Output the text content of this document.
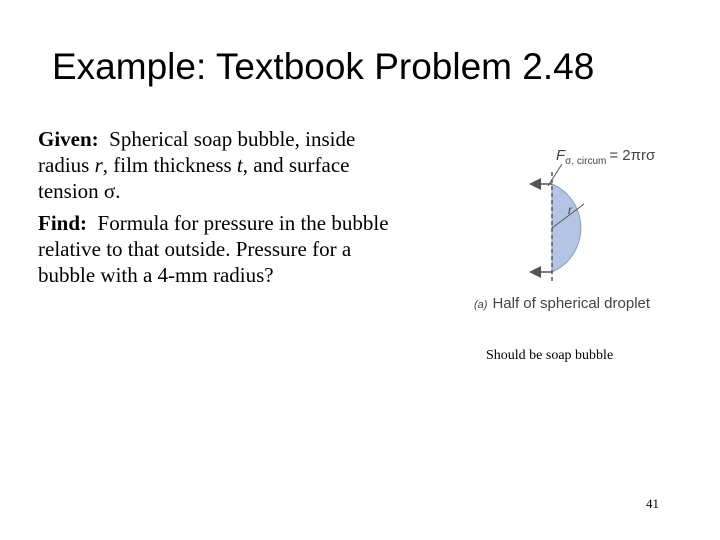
Example: Textbook Problem 2.48

Given: Spherical soap bubble, inside radius r, film thickness t, and surface tension σ.

Find: Formula for pressure in the bubble relative to that outside. Pressure for a bubble with a 4-mm radius?

r
$F_{\sigma, circum} = 2\pi r\sigma$
(a) Half of spherical droplet
Should be soap bubble
41
